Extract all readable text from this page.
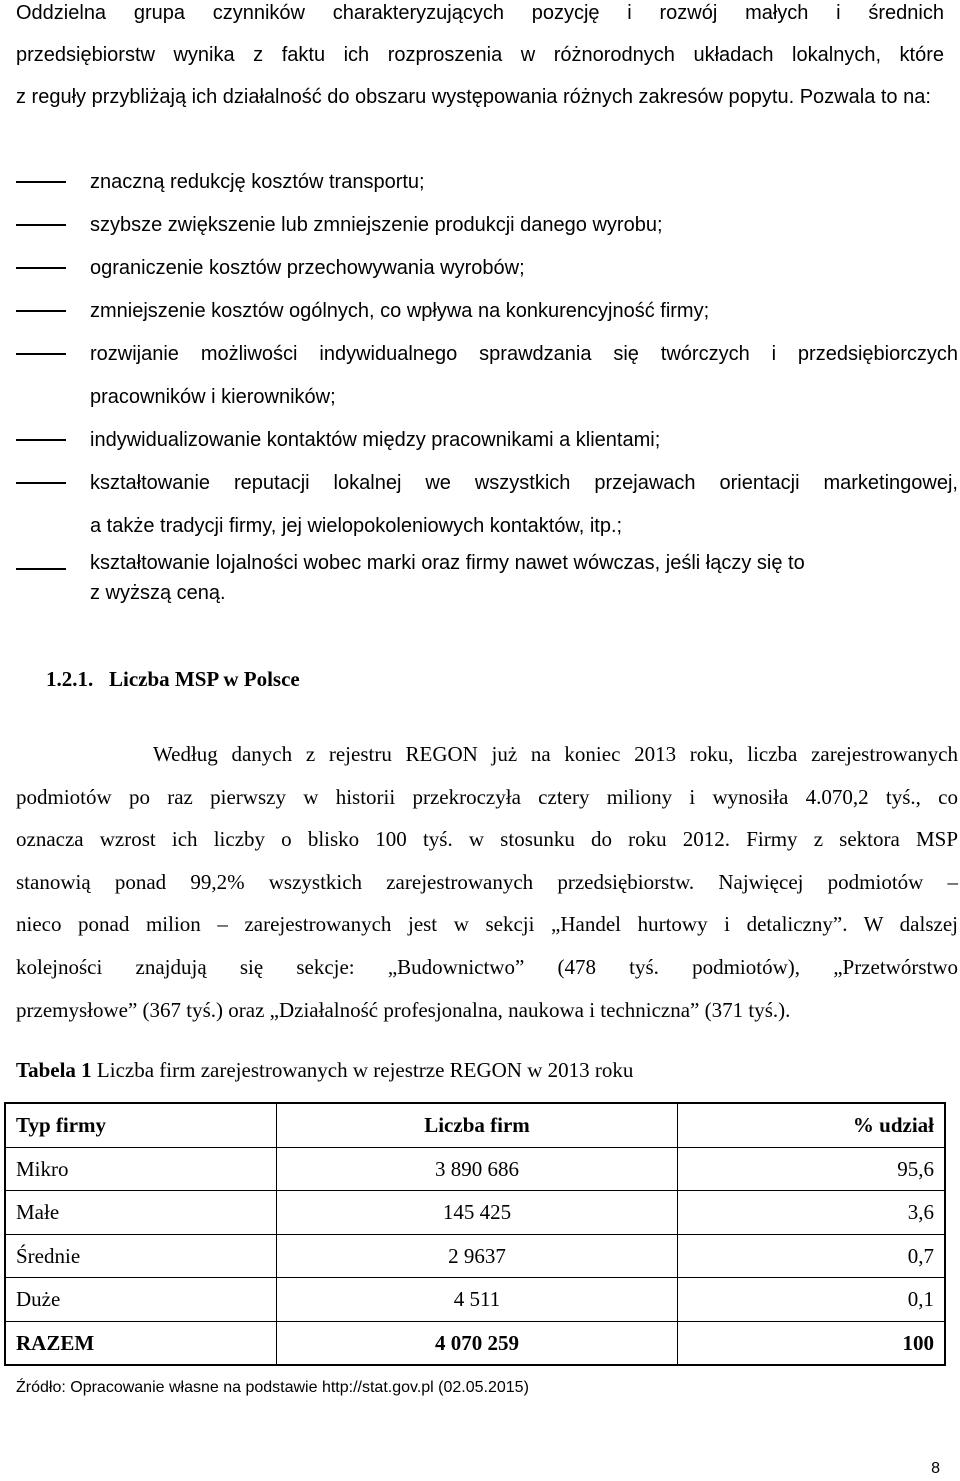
Oddzielna grupa czynników charakteryzujących pozycję i rozwój małych i średnich
przedsiębiorstw wynika z faktu ich rozproszenia w różnorodnych układach lokalnych, które
z reguły przybliżają ich działalność do obszaru występowania różnych zakresów popytu. Pozwala to na:

znaczną redukcję kosztów transportu;
szybsze zwiększenie lub zmniejszenie produkcji danego wyrobu;
ograniczenie kosztów przechowywania wyrobów;
zmniejszenie kosztów ogólnych, co wpływa na konkurencyjność firmy;
rozwijanie możliwości indywidualnego sprawdzania się twórczych i przedsiębiorczych
pracowników i kierowników;
indywidualizowanie kontaktów między pracownikami a klientami;
kształtowanie reputacji lokalnej we wszystkich przejawach orientacji marketingowej,
a także tradycji firmy, jej wielopokoleniowych kontaktów, itp.;
kształtowanie lojalności wobec marki oraz firmy nawet wówczas, jeśli łączy się to
z wyższą ceną.
1.2.1.   Liczba MSP w Polsce

Według danych z rejestru REGON już na koniec 2013 roku, liczba zarejestrowanych
podmiotów po raz pierwszy w historii przekroczyła cztery miliony i wynosiła 4.070,2 tyś., co
oznacza wzrost ich liczby o blisko 100 tyś. w stosunku do roku 2012. Firmy z sektora MSP
stanowią ponad 99,2% wszystkich zarejestrowanych przedsiębiorstw. Najwięcej podmiotów –
nieco ponad milion – zarejestrowanych jest w sekcji „Handel hurtowy i detaliczny”. W dalszej
kolejności znajdują się sekcje: „Budownictwo” (478 tyś. podmiotów), „Przetwórstwo
przemysłowe” (367 tyś.) oraz „Działalność profesjonalna, naukowa i techniczna” (371 tyś.).

Tabela 1 Liczba firm zarejestrowanych w rejestrze REGON w 2013 roku

Typ firmy	Liczba firm	% udział
Mikro	3 890 686	95,6
Małe	145 425	3,6
Średnie	2 9637	0,7
Duże	4 511	0,1
RAZEM	4 070 259	100

Źródło: Opracowanie własne na podstawie http://stat.gov.pl (02.05.2015)

8
